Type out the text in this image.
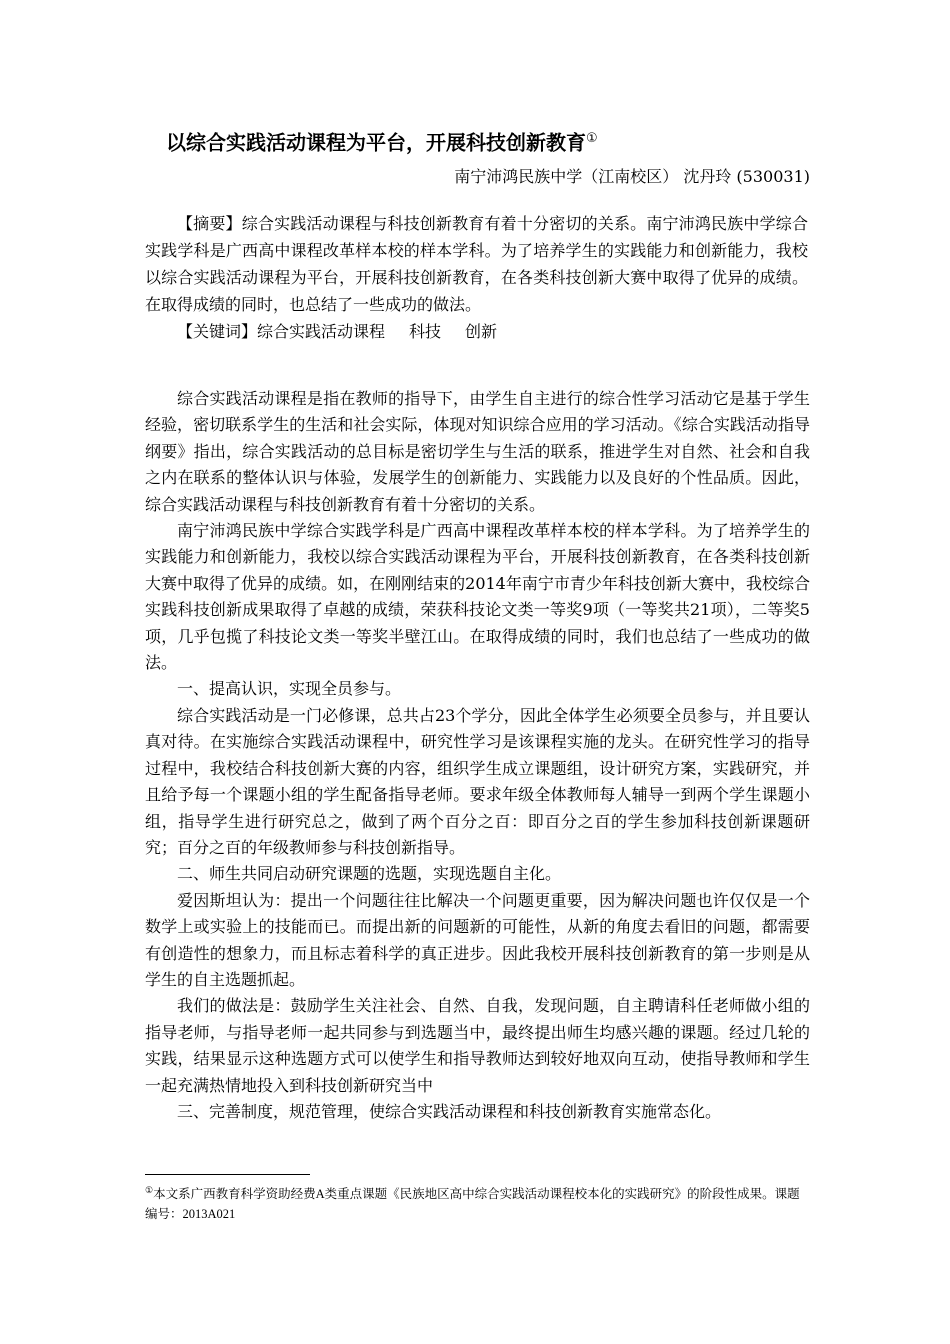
以综合实践活动课程为平台，开展科技创新教育①
南宁沛鸿民族中学（江南校区） 沈丹玲 (530031)

【摘要】综合实践活动课程与科技创新教育有着十分密切的关系。南宁沛鸿民族中学综合实践学科是广西高中课程改革样本校的样本学科。为了培养学生的实践能力和创新能力，我校以综合实践活动课程为平台，开展科技创新教育，在各类科技创新大赛中取得了优异的成绩。在取得成绩的同时，也总结了一些成功的做法。

【关键词】综合实践活动课程 科技 创新

综合实践活动课程是指在教师的指导下，由学生自主进行的综合性学习活动它是基于学生经验，密切联系学生的生活和社会实际，体现对知识综合应用的学习活动。《综合实践活动指导纲要》指出，综合实践活动的总目标是密切学生与生活的联系，推进学生对自然、社会和自我之内在联系的整体认识与体验，发展学生的创新能力、实践能力以及良好的个性品质。因此，综合实践活动课程与科技创新教育有着十分密切的关系。

南宁沛鸿民族中学综合实践学科是广西高中课程改革样本校的样本学科。为了培养学生的实践能力和创新能力，我校以综合实践活动课程为平台，开展科技创新教育，在各类科技创新大赛中取得了优异的成绩。如，在刚刚结束的2014年南宁市青少年科技创新大赛中，我校综合实践科技创新成果取得了卓越的成绩，荣获科技论文类一等奖9项（一等奖共21项），二等奖5项，几乎包揽了科技论文类一等奖半壁江山。在取得成绩的同时，我们也总结了一些成功的做法。

一、提高认识，实现全员参与。

综合实践活动是一门必修课，总共占23个学分，因此全体学生必须要全员参与，并且要认真对待。在实施综合实践活动课程中，研究性学习是该课程实施的龙头。在研究性学习的指导过程中，我校结合科技创新大赛的内容，组织学生成立课题组，设计研究方案，实践研究，并且给予每一个课题小组的学生配备指导老师。要求年级全体教师每人辅导一到两个学生课题小组，指导学生进行研究总之，做到了两个百分之百：即百分之百的学生参加科技创新课题研究；百分之百的年级教师参与科技创新指导。

二、师生共同启动研究课题的选题，实现选题自主化。

爱因斯坦认为：提出一个问题往往比解决一个问题更重要，因为解决问题也许仅仅是一个数学上或实验上的技能而已。而提出新的问题新的可能性，从新的角度去看旧的问题，都需要有创造性的想象力，而且标志着科学的真正进步。因此我校开展科技创新教育的第一步则是从学生的自主选题抓起。

我们的做法是：鼓励学生关注社会、自然、自我，发现问题，自主聘请科任老师做小组的指导老师，与指导老师一起共同参与到选题当中，最终提出师生均感兴趣的课题。经过几轮的实践，结果显示这种选题方式可以使学生和指导教师达到较好地双向互动，使指导教师和学生一起充满热情地投入到科技创新研究当中

三、完善制度，规范管理，使综合实践活动课程和科技创新教育实施常态化。

①本文系广西教育科学资助经费A类重点课题《民族地区高中综合实践活动课程校本化的实践研究》的阶段性成果。课题编号：2013A021
